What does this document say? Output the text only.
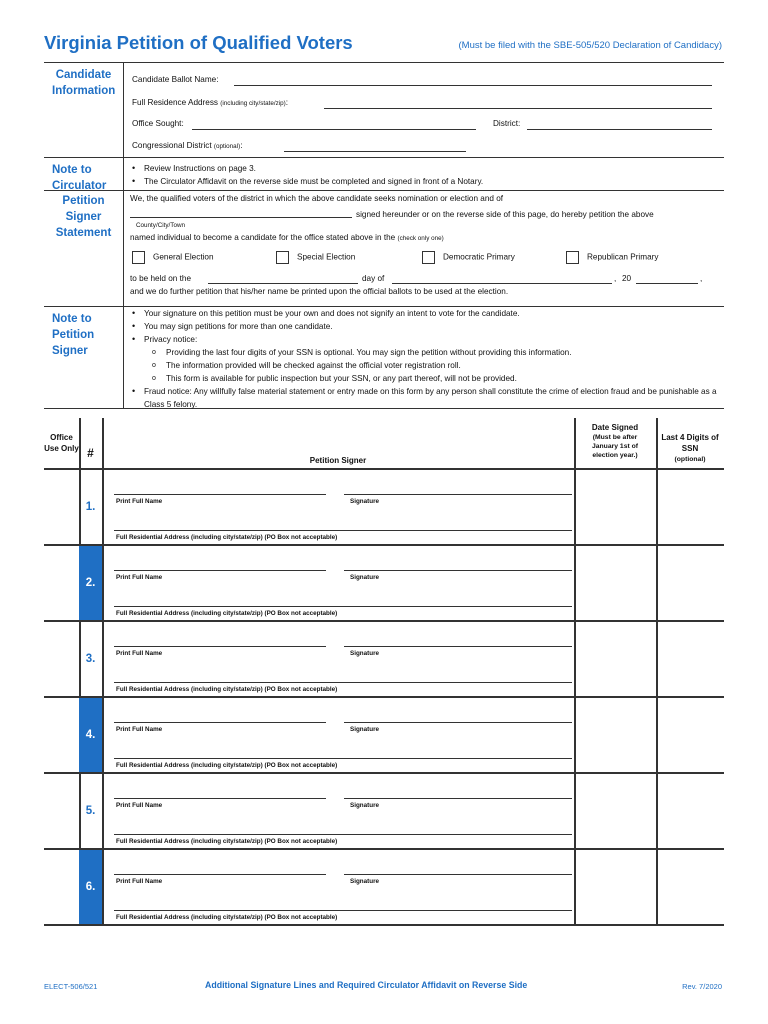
Virginia Petition of Qualified Voters	(Must be filed with the SBE-505/520 Declaration of Candidacy)
Candidate Information
Candidate Ballot Name:
Full Residence Address (including city/state/zip):
Office Sought:	District:
Congressional District (optional):
Note to Circulator
• Review Instructions on page 3.
• The Circulator Affidavit on the reverse side must be completed and signed in front of a Notary.
Petition Signer Statement
We, the qualified voters of the district in which the above candidate seeks nomination or election and of
signed hereunder or on the reverse side of this page, do hereby petition the above
County/City/Town
named individual to become a candidate for the office stated above in the (check only one)
General Election	Special Election	Democratic Primary	Republican Primary
to be held on the	day of	, 20	,
and we do further petition that his/her name be printed upon the official ballots to be used at the election.
Note to Petition Signer
• Your signature on this petition must be your own and does not signify an intent to vote for the candidate.
• You may sign petitions for more than one candidate.
• Privacy notice:
o Providing the last four digits of your SSN is optional. You may sign the petition without providing this information.
o The information provided will be checked against the official voter registration roll.
o This form is available for public inspection but your SSN, or any part thereof, will not be provided.
• Fraud notice: Any willfully false material statement or entry made on this form by any person shall constitute the crime of election fraud and be punishable as a Class 5 felony.
Office Use Only #
Petition Signer
Date Signed
(Must be after January 1st of election year.)
Last 4 Digits of SSN
(optional)
1.	Print Full Name	Signature
Full Residential Address (including city/state/zip) (PO Box not acceptable)
2.	Print Full Name	Signature
Full Residential Address (including city/state/zip) (PO Box not acceptable)
3.	Print Full Name	Signature
Full Residential Address (including city/state/zip) (PO Box not acceptable)
4.	Print Full Name	Signature
Full Residential Address (including city/state/zip) (PO Box not acceptable)
5.	Print Full Name	Signature
Full Residential Address (including city/state/zip) (PO Box not acceptable)
6.	Print Full Name	Signature
Full Residential Address (including city/state/zip) (PO Box not acceptable)
ELECT-506/521	Additional Signature Lines and Required Circulator Affidavit on Reverse Side	Rev. 7/2020
